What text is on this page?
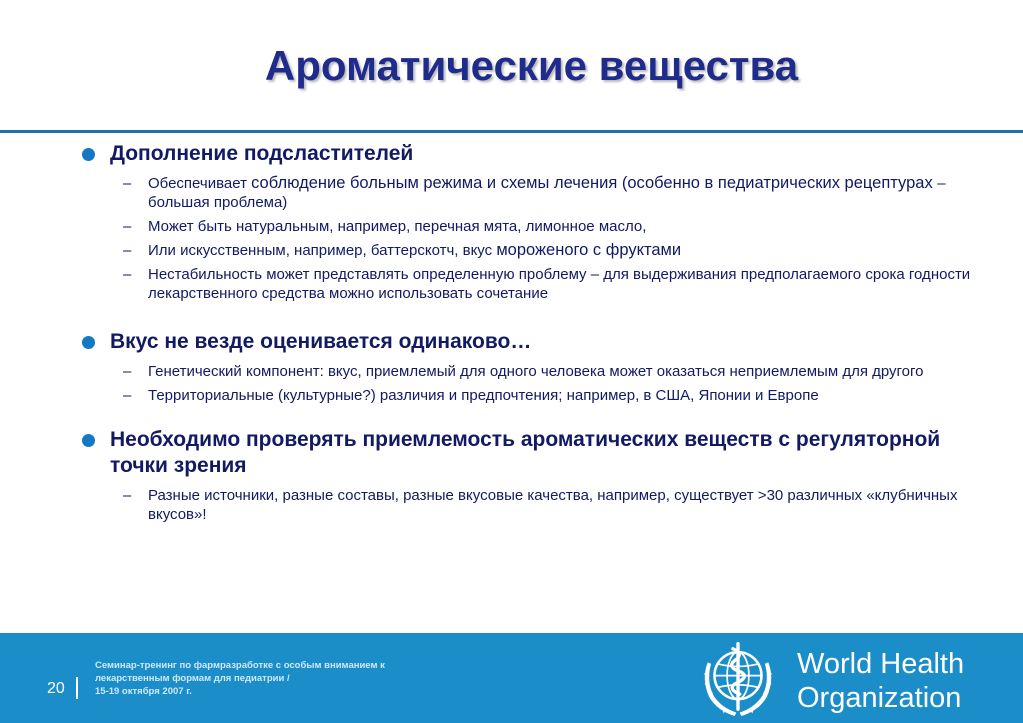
Ароматические вещества
Дополнение подсластителей
– Обеспечивает соблюдение больным режима и схемы лечения (особенно в педиатрических рецептурах – большая проблема)
– Может быть натуральным, например, перечная мята, лимонное масло,
– Или искусственным, например, баттерскотч, вкус мороженого с фруктами
– Нестабильность может представлять определенную проблему – для выдерживания предполагаемого срока годности лекарственного средства можно использовать сочетание
Вкус не везде оценивается одинаково…
– Генетический компонент: вкус, приемлемый для одного человека может оказаться неприемлемым для другого
– Территориальные (культурные?) различия и предпочтения; например, в США, Японии и Европе
Необходимо проверять приемлемость ароматических веществ с регуляторной точки зрения
– Разные источники, разные составы, разные вкусовые качества, например, существует >30 различных «клубничных вкусов»!
20
Семинар-тренинг по фармразработке с особым вниманием к
лекарственным формам для педиатрии /
15-19 октября 2007 г.
World Health
Organization
